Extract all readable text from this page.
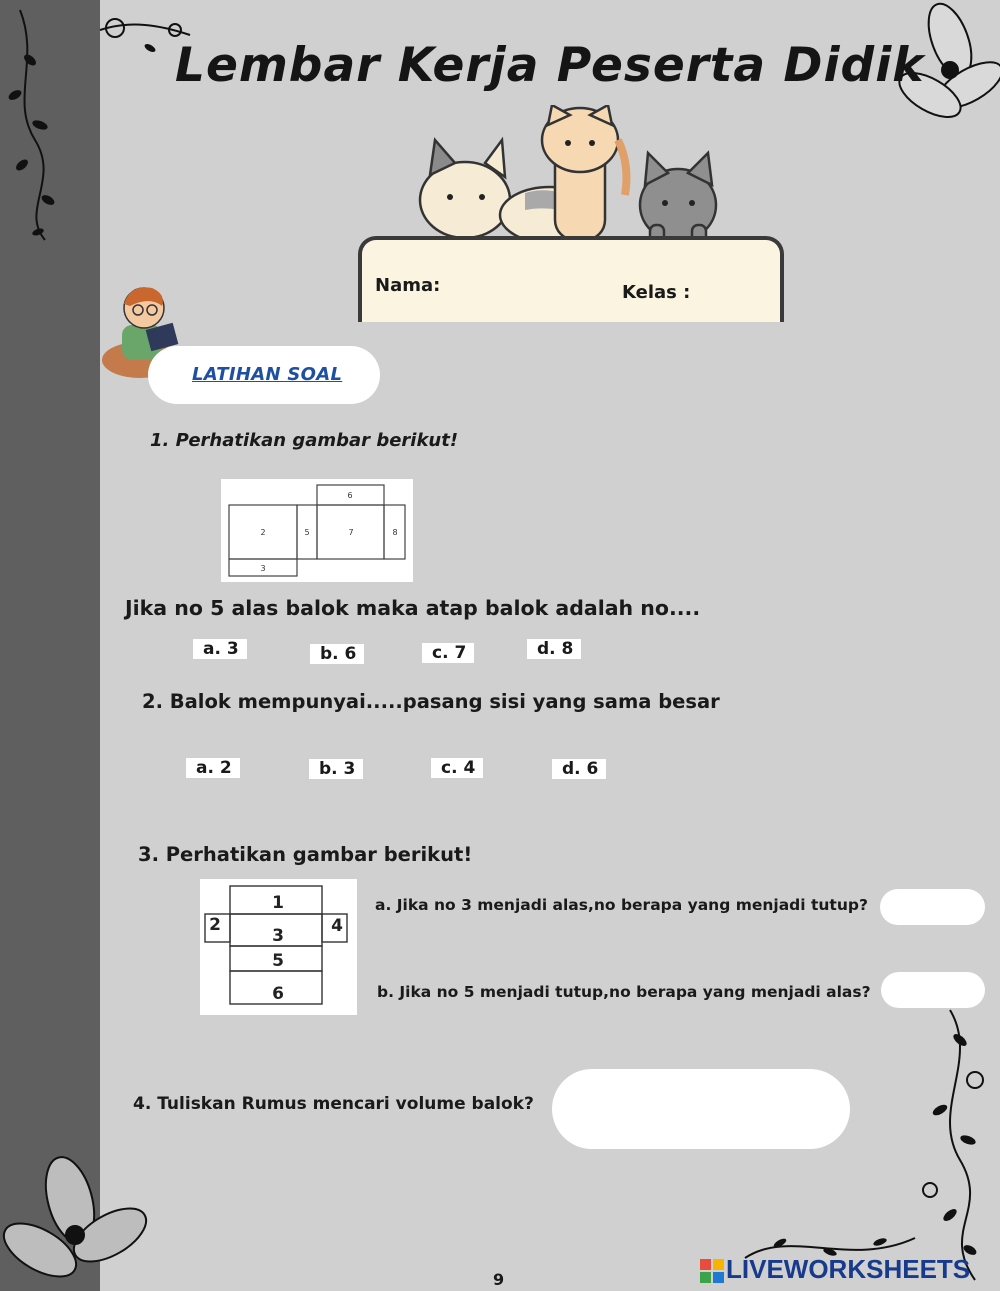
Lembar Kerja Peserta Didik
Nama:	Kelas :
LATIHAN SOAL
1. Perhatikan gambar berikut!
6
2	5	7	8
3
Jika no 5 alas balok maka atap balok adalah no....
a. 3	b. 6	c. 7	d. 8
2. Balok mempunyai.....pasang sisi yang sama besar
a. 2	b. 3	c. 4	d. 6
3. Perhatikan gambar berikut!
1
2
3	4
5
6
a. Jika no 3 menjadi alas,no berapa yang menjadi tutup?
b. Jika no 5 menjadi tutup,no berapa yang menjadi alas?
4. Tuliskan Rumus mencari volume balok?
9	LIVEWORKSHEETS
